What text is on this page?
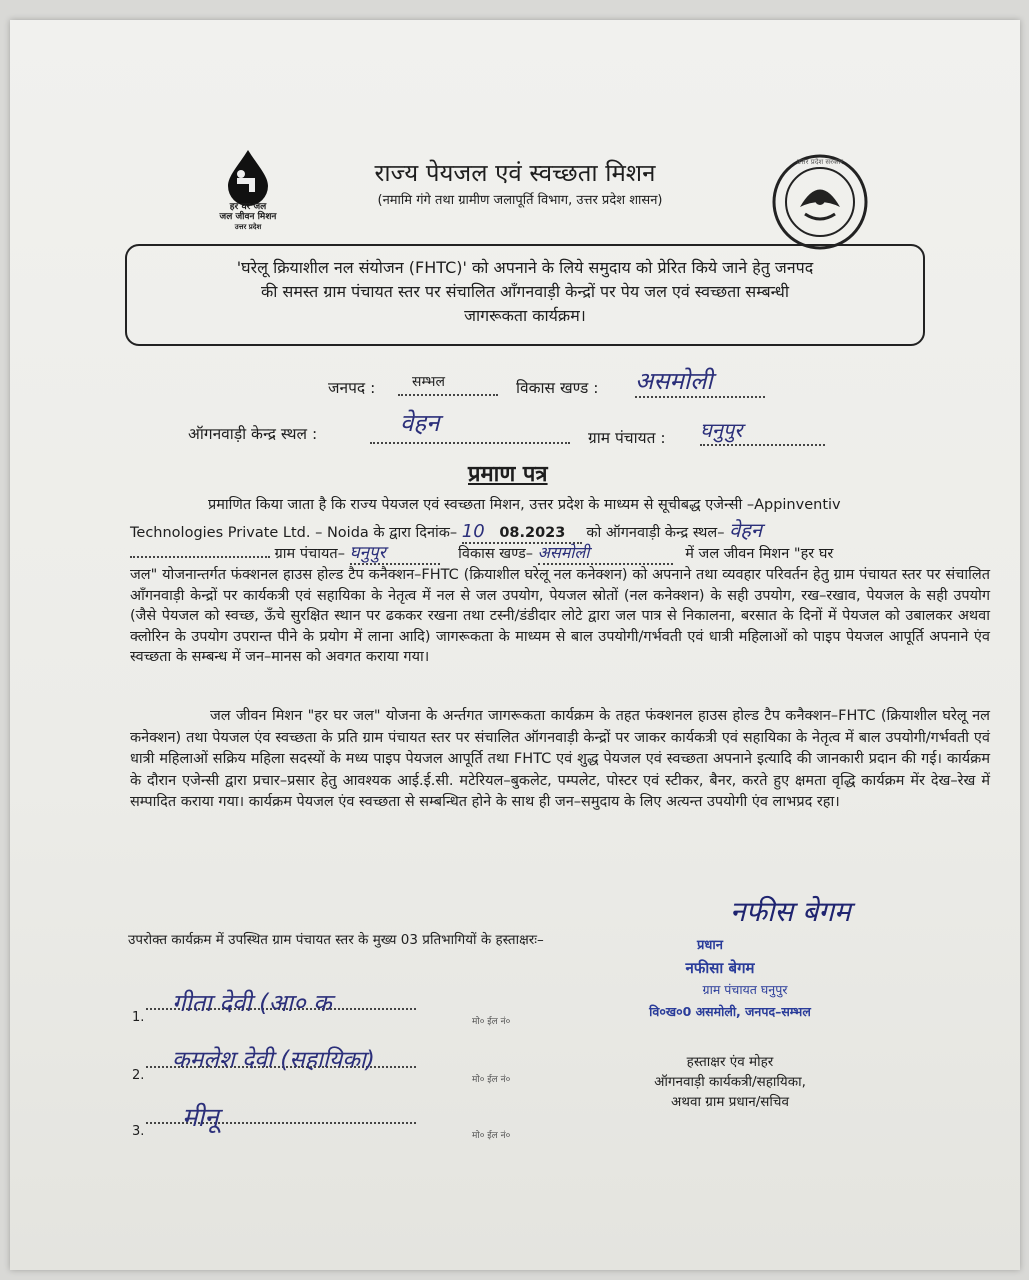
हर घर जल
जल जीवन मिशन
उत्तर प्रदेश
राज्य पेयजल एवं स्वच्छता मिशन
(नमामि गंगे तथा ग्रामीण जलापूर्ति विभाग, उत्तर प्रदेश शासन)
उत्तर प्रदेश सरकार
'घरेलू क्रियाशील नल संयोजन (FHTC)' को अपनाने के लिये समुदाय को प्रेरित किये जाने हेतु जनपद
की समस्त ग्राम पंचायत स्तर पर संचालित आँगनवाड़ी केन्द्रों पर पेय जल एवं स्वच्छता सम्बन्धी
जागरूकता कार्यक्रम।
जनपद :	सम्भल	विकास खण्ड : असमोली
ऑगनवाड़ी केन्द्र स्थल :	वेहन
ग्राम पंचायत : घनुपुर
प्रमाण पत्र
प्रमाणित किया जाता है कि राज्य पेयजल एवं स्वच्छता मिशन, उत्तर प्रदेश के माध्यम से सूचीबद्ध एजेन्सी –Appinventiv
Technologies Private Ltd. – Noida के द्वारा दिनांक– 10 08.2023 को ऑगनवाड़ी केन्द्र स्थल– वेहन
ग्राम पंचायत– घनुपुर	विकास खण्ड– असमोली	में जल जीवन मिशन "हर घर
जल" योजनान्तर्गत फंक्शनल हाउस होल्ड टैप कनैक्शन–FHTC (क्रियाशील घरेलू नल कनेक्शन) को अपनाने तथा व्यवहार परिवर्तन हेतु ग्राम पंचायत स्तर पर संचालित आँगनवाड़ी केन्द्रों पर कार्यकत्री एवं सहायिका के नेतृत्व में नल से जल उपयोग, पेयजल स्रोतों (नल कनेक्शन) के सही उपयोग, रख–रखाव, पेयजल के सही उपयोग (जैसे पेयजल को स्वच्छ, ऊँचे सुरक्षित स्थान पर ढककर रखना तथा टस्नी/डंडीदार लोटे द्वारा जल पात्र से निकालना, बरसात के दिनों में पेयजल को उबालकर अथवा क्लोरिन के उपयोग उपरान्त पीने के प्रयोग में लाना आदि) जागरूकता के माध्यम से बाल उपयोगी/गर्भवती एवं धात्री महिलाओं को पाइप पेयजल आपूर्ति अपनाने एंव स्वच्छता के सम्बन्ध में जन–मानस को अवगत कराया गया।
जल जीवन मिशन "हर घर जल" योजना के अर्न्तगत जागरूकता कार्यक्रम के तहत फंक्शनल हाउस होल्ड टैप कनैक्शन–FHTC (क्रियाशील घरेलू नल कनेक्शन) तथा पेयजल एंव स्वच्छता के प्रति ग्राम पंचायत स्तर पर संचालित ऑगनवाड़ी केन्द्रों पर जाकर कार्यकत्री एवं सहायिका के नेतृत्व में बाल उपयोगी/गर्भवती एवं धात्री महिलाओं सक्रिय महिला सदस्यों के मध्य पाइप पेयजल आपूर्ति तथा FHTC एवं शुद्ध पेयजल एवं स्वच्छता अपनाने इत्यादि की जानकारी प्रदान की गई। कार्यक्रम के दौरान एजेन्सी द्वारा प्रचार–प्रसार हेतु आवश्यक आई.ई.सी. मटेरियल–बुकलेट, पम्पलेट, पोस्टर एवं स्टीकर, बैनर, करते हुए क्षमता वृद्धि कार्यक्रम मेंर देख–रेख में सम्पादित कराया गया। कार्यक्रम पेयजल एंव स्वच्छता से सम्बन्धित होने के साथ ही जन–समुदाय के लिए अत्यन्त उपयोगी एंव लाभप्रद रहा।
उपरोक्त कार्यक्रम में उपस्थित ग्राम पंचायत स्तर के मुख्य 03 प्रतिभागियों के हस्ताक्षरः–
1.
गीता देवी (आ० क
मो० ईल नं०
2.
कमलेश देवी (सहायिका)
मो० ईल नं०
3. मीनू
मो० ईल नं०
नफीस बेगम
प्रधान
नफीसा बेगम
ग्राम पंचायत घनुपुर
वि०ख०0 असमोली, जनपद–सम्भल
हस्ताक्षर एंव मोहर
ऑगनवाड़ी कार्यकत्री/सहायिका,
अथवा ग्राम प्रधान/सचिव
